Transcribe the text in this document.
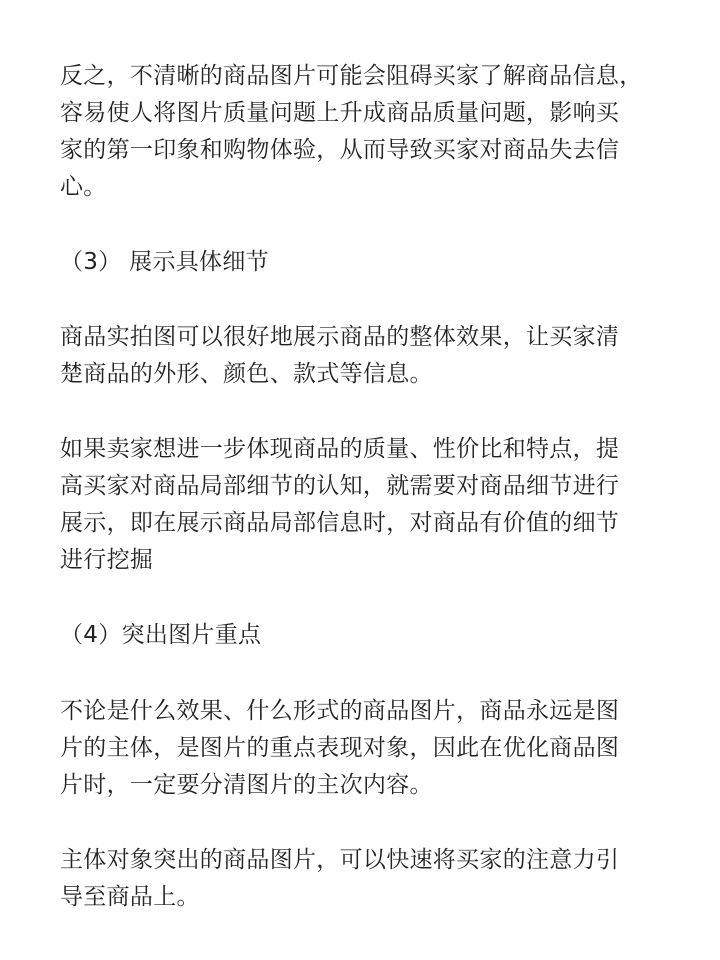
反之，不清晰的商品图片可能会阻碍买家了解商品信息，
容易使人将图片质量问题上升成商品质量问题，影响买
家的第一印象和购物体验，从而导致买家对商品失去信
心。

（3） 展示具体细节

商品实拍图可以很好地展示商品的整体效果，让买家清
楚商品的外形、颜色、款式等信息。

如果卖家想进一步体现商品的质量、性价比和特点，提
高买家对商品局部细节的认知，就需要对商品细节进行
展示，即在展示商品局部信息时，对商品有价值的细节
进行挖掘

（4）突出图片重点

不论是什么效果、什么形式的商品图片，商品永远是图
片的主体，是图片的重点表现对象，因此在优化商品图
片时，一定要分清图片的主次内容。

主体对象突出的商品图片，可以快速将买家的注意力引
导至商品上。
